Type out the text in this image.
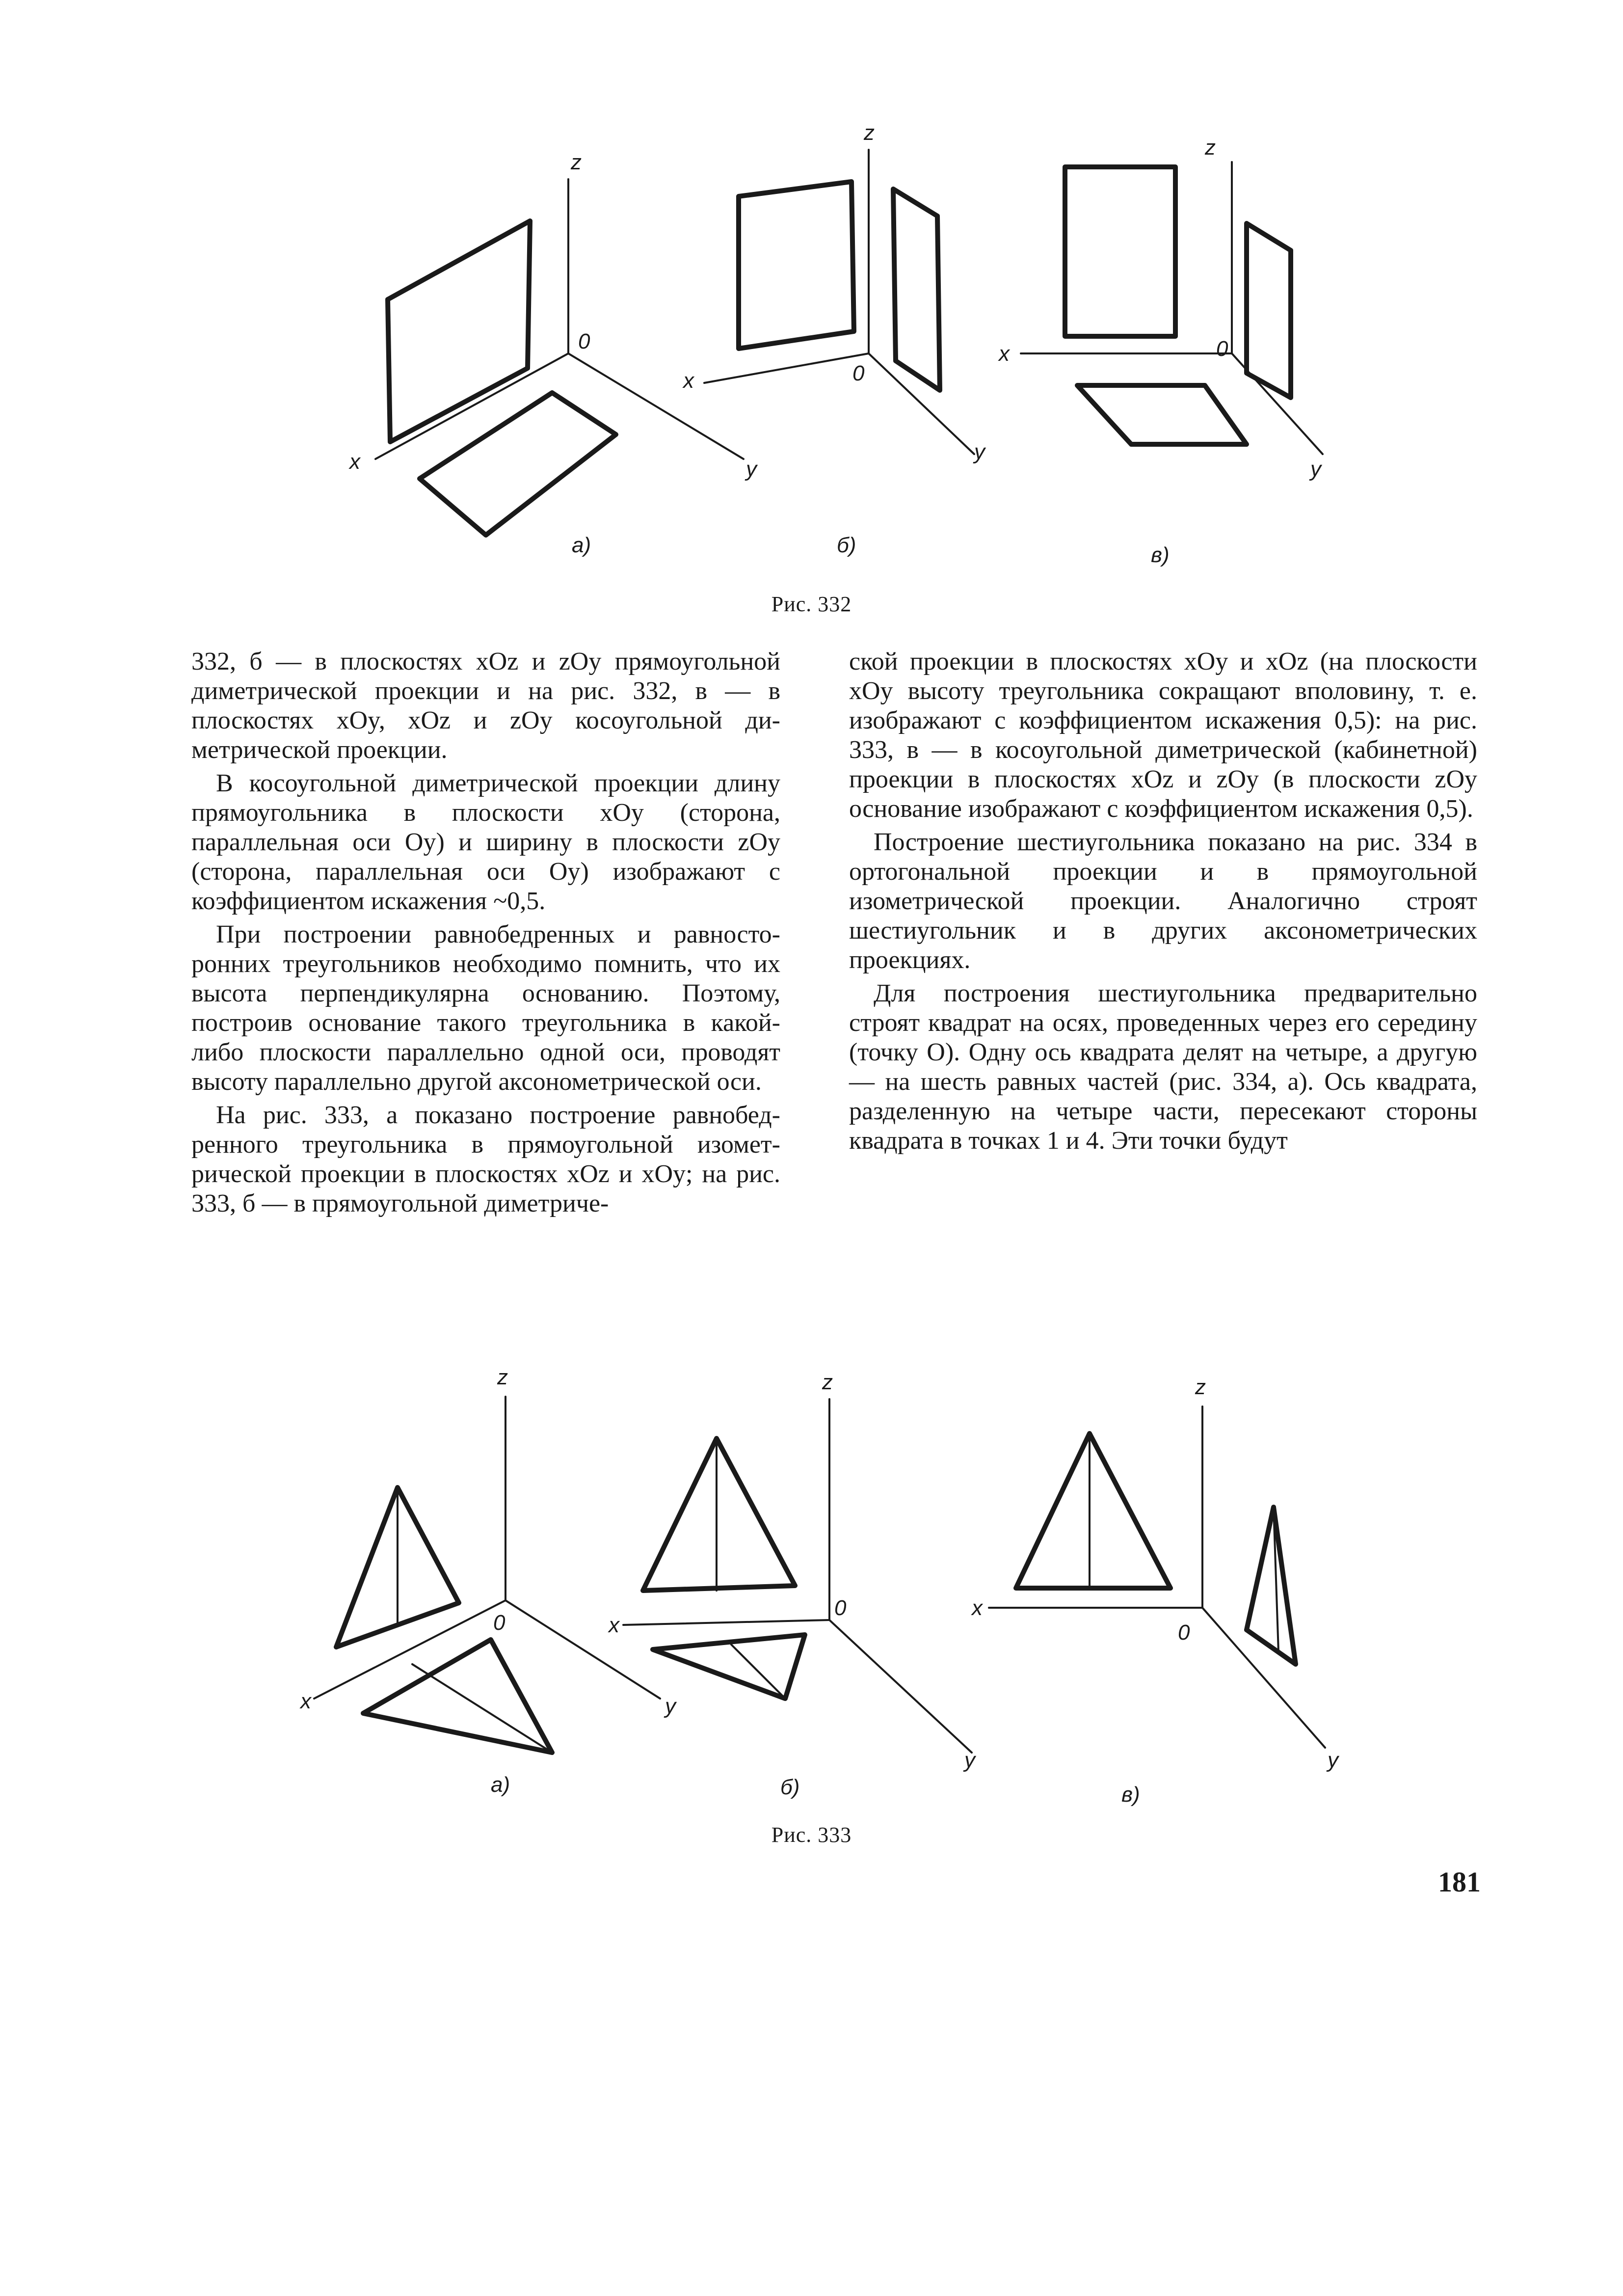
z
0
x	y
а)
z
0
x
y
б)
z
0
x
y
в)
Рис. 332

332, б — в плоскостях xOz и zOy прямоугольной диметрической проекции и на рис. 332, в — в плоскостях xOy, xOz и zOy косоугольной диметрической проекции.

В косоугольной диметрической проекции длину прямоугольника в плоскости xOy (сторона, параллельная оси Oy) и ширину в плоскости zOy (сторона, параллельная оси Oy) изображают с коэффициентом искажения ~0,5.

При построении равнобедренных и равносторонних треугольников необходимо помнить, что их высота перпендикулярна основанию. Поэтому, построив основание такого треугольника в какой-либо плоскости параллельно одной оси, проводят высоту параллельно другой аксонометрической оси.

На рис. 333, а показано построение равнобедренного треугольника в прямоугольной изометрической проекции в плоскостях xOz и xOy; на рис. 333, б — в прямоугольной диметриче-

ской проекции в плоскостях xOy и xOz (на плоскости xOy высоту треугольника сокращают вполовину, т. е. изображают с коэффициентом искажения 0,5): на рис. 333, в — в косоугольной диметрической (кабинетной) проекции в плоскостях xOz и zOy (в плоскости zOy основание изображают с коэффициентом искажения 0,5).

Построение шестиугольника показано на рис. 334 в ортогональной проекции и в прямоугольной изометрической проекции. Аналогично строят шестиугольник и в других аксонометрических проекциях.

Для построения шестиугольника предварительно строят квадрат на осях, проведенных через его середину (точку O). Одну ось квадрата делят на четыре, а другую — на шесть равных частей (рис. 334, а). Ось квадрата, разделенную на четыре части, пересекают стороны квадрата в точках 1 и 4. Эти точки будут

z
0
x	y
а)
z
0
x
y
б)
z
0
x
y
в)
Рис. 333
181
